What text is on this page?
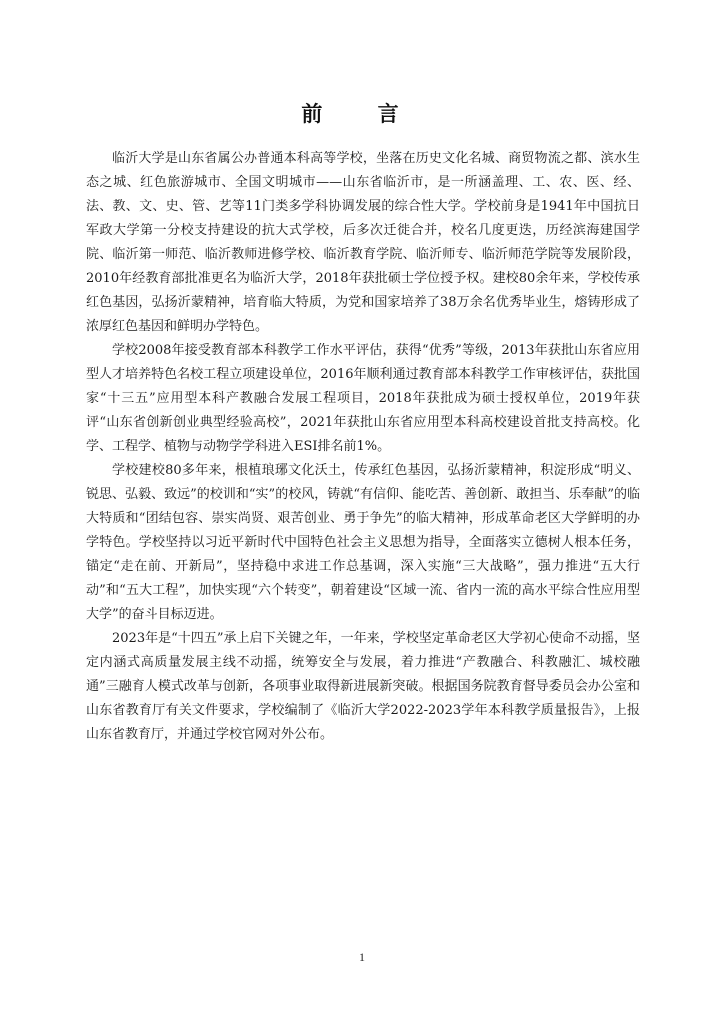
前 言

临沂大学是山东省属公办普通本科高等学校，坐落在历史文化名城、商贸物流之都、滨水生态之城、红色旅游城市、全国文明城市——山东省临沂市，是一所涵盖理、工、农、医、经、法、教、文、史、管、艺等11门类多学科协调发展的综合性大学。学校前身是1941年中国抗日军政大学第一分校支持建设的抗大式学校，后多次迁徙合并，校名几度更迭，历经滨海建国学院、临沂第一师范、临沂教师进修学校、临沂教育学院、临沂师专、临沂师范学院等发展阶段，2010年经教育部批准更名为临沂大学，2018年获批硕士学位授予权。建校80余年来，学校传承红色基因，弘扬沂蒙精神，培育临大特质，为党和国家培养了38万余名优秀毕业生，熔铸形成了浓厚红色基因和鲜明办学特色。

学校2008年接受教育部本科教学工作水平评估，获得“优秀”等级，2013年获批山东省应用型人才培养特色名校工程立项建设单位，2016年顺利通过教育部本科教学工作审核评估，获批国家“十三五”应用型本科产教融合发展工程项目，2018年获批成为硕士授权单位，2019年获评“山东省创新创业典型经验高校”，2021年获批山东省应用型本科高校建设首批支持高校。化学、工程学、植物与动物学学科进入ESI排名前1%。

学校建校80多年来，根植琅琊文化沃土，传承红色基因，弘扬沂蒙精神，积淀形成“明义、锐思、弘毅、致远”的校训和“实”的校风，铸就“有信仰、能吃苦、善创新、敢担当、乐奉献”的临大特质和“团结包容、崇实尚贤、艰苦创业、勇于争先”的临大精神，形成革命老区大学鲜明的办学特色。学校坚持以习近平新时代中国特色社会主义思想为指导，全面落实立德树人根本任务，锚定“走在前、开新局”，坚持稳中求进工作总基调，深入实施“三大战略”，强力推进“五大行动”和“五大工程”，加快实现“六个转变”，朝着建设“区域一流、省内一流的高水平综合性应用型大学”的奋斗目标迈进。

2023年是“十四五”承上启下关键之年，一年来，学校坚定革命老区大学初心使命不动摇，坚定内涵式高质量发展主线不动摇，统筹安全与发展，着力推进“产教融合、科教融汇、城校融通”三融育人模式改革与创新，各项事业取得新进展新突破。根据国务院教育督导委员会办公室和山东省教育厅有关文件要求，学校编制了《临沂大学2022-2023学年本科教学质量报告》，上报山东省教育厅，并通过学校官网对外公布。

1
